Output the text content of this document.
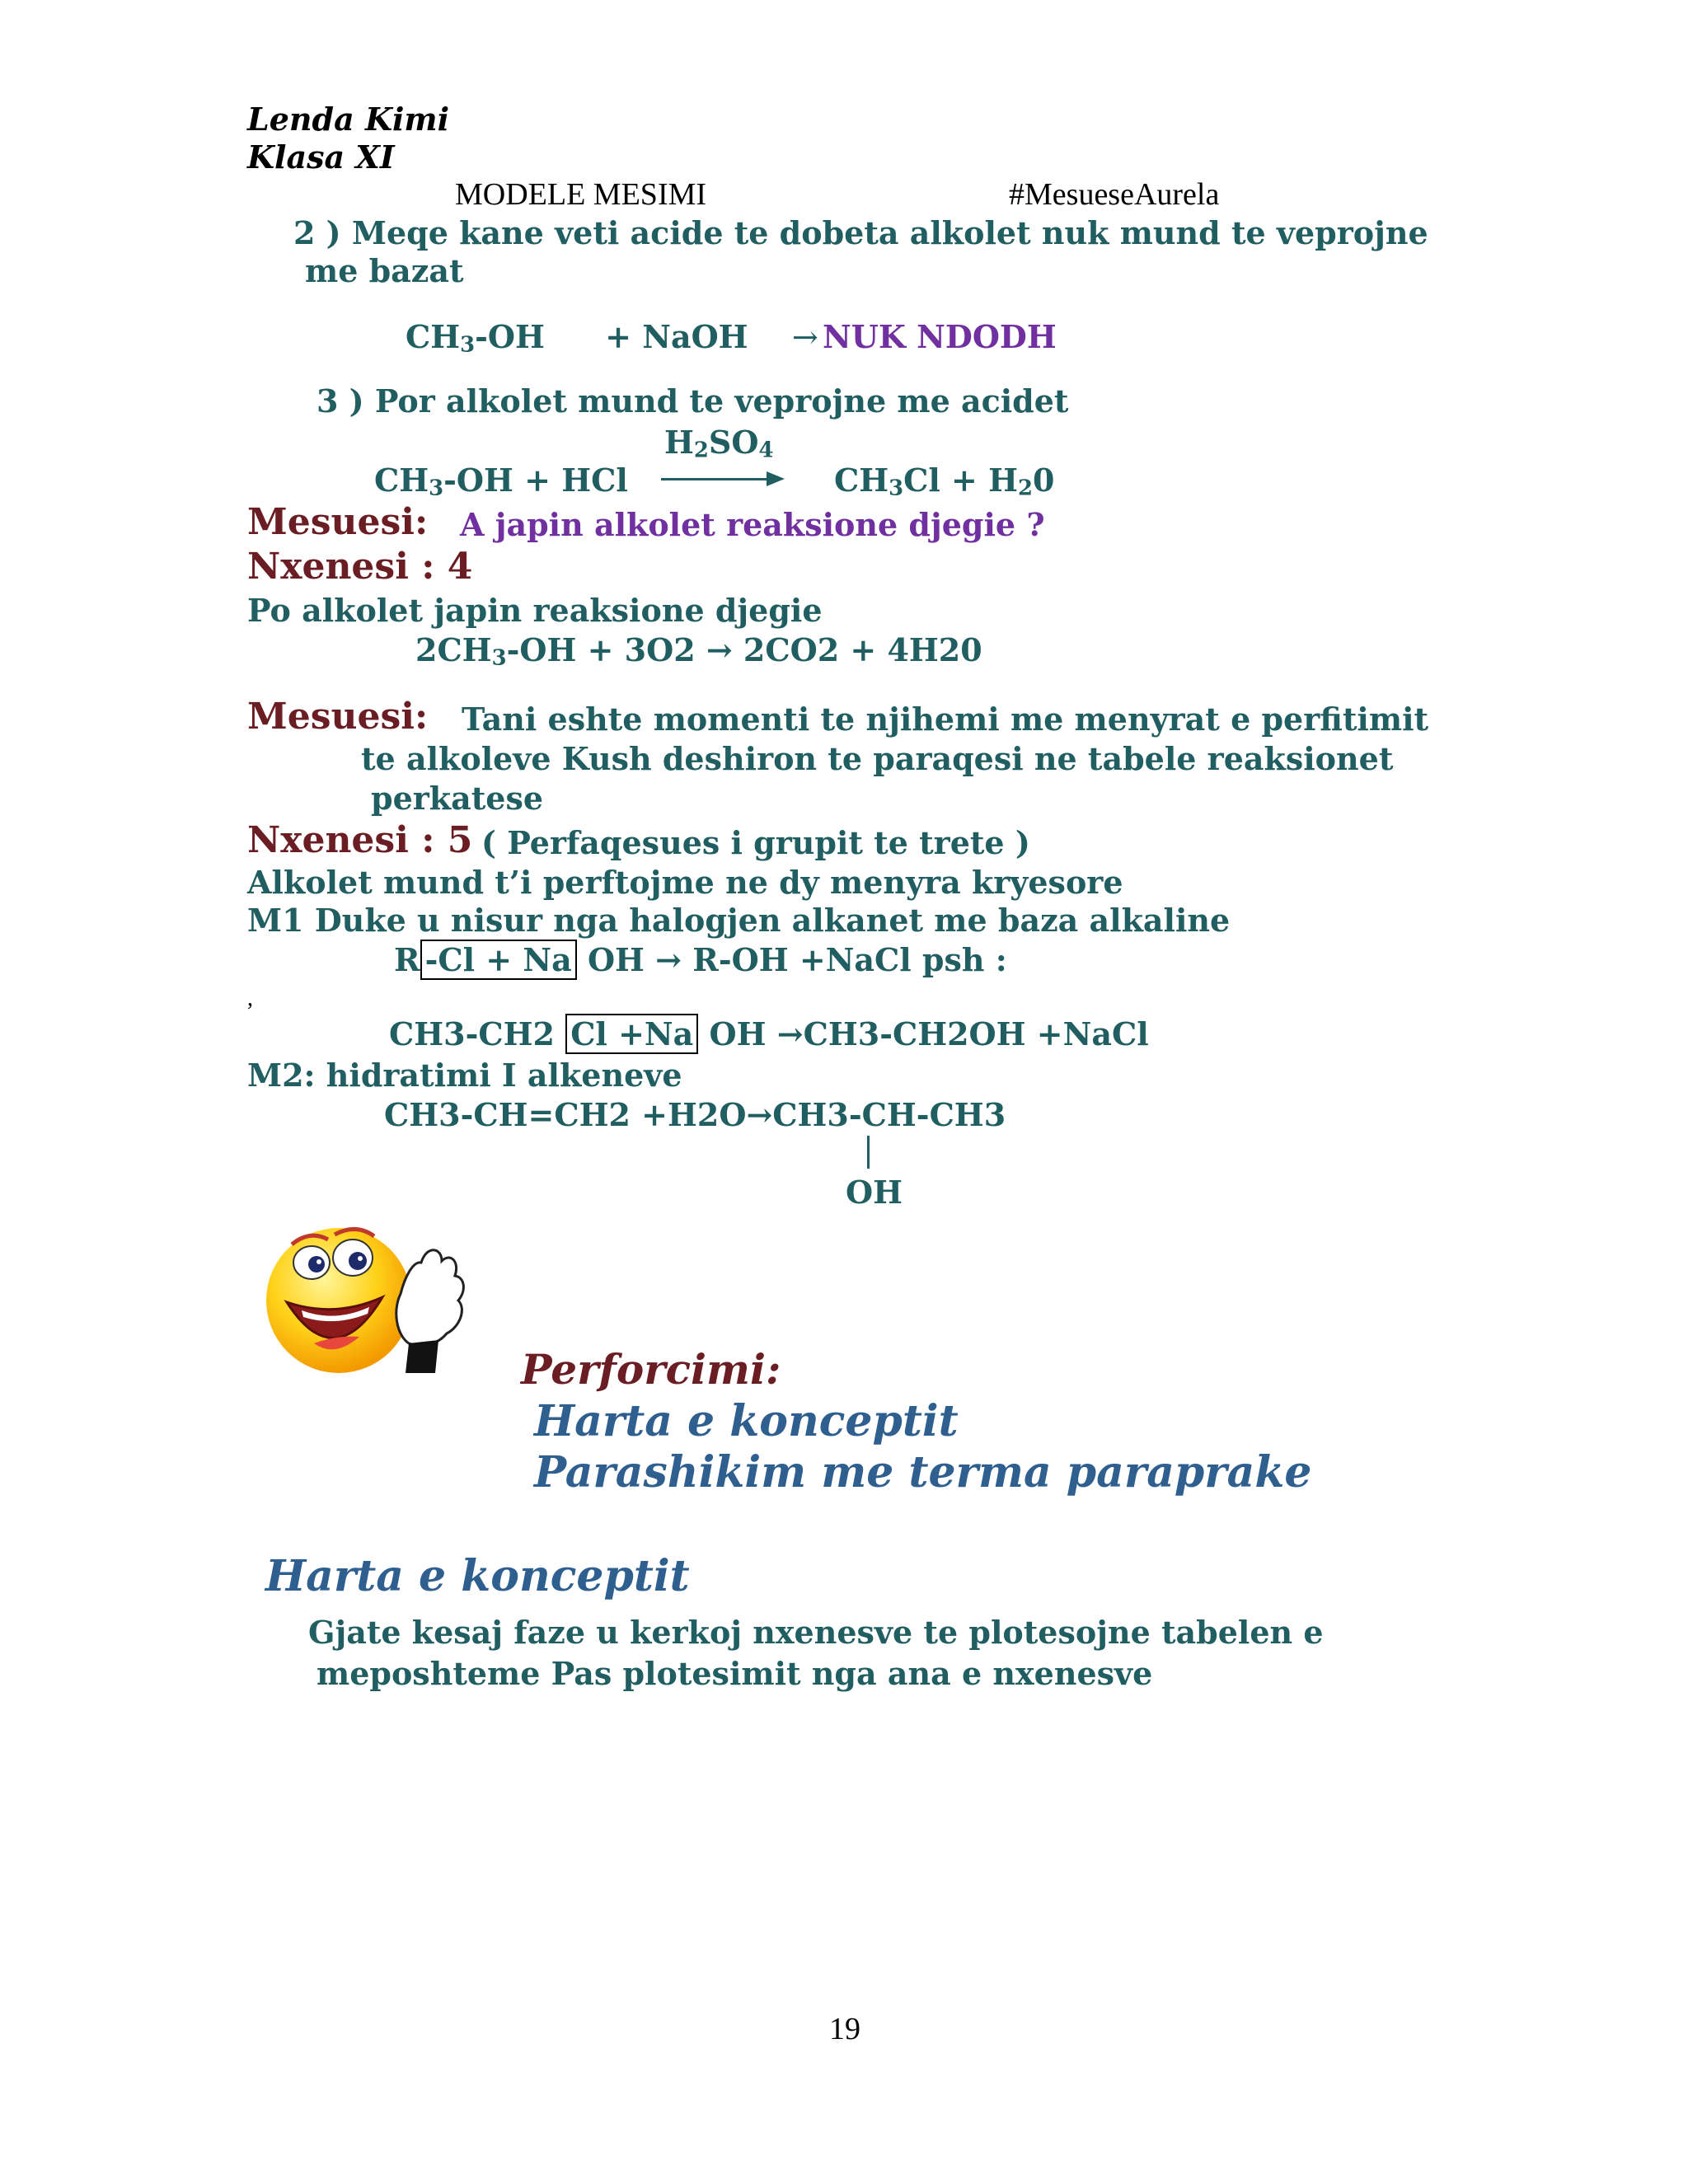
Lenda Kimi
Klasa XI
MODELE MESIMI	#MesueseAurela
2 ) Meqe kane veti acide te dobeta alkolet nuk mund te veprojne
me bazat
$CH_3-OH$ + NaOH → NUK NDODH
3 ) Por alkolet mund te veprojne me acidet
$H_2SO_4$
$CH_3-OH$ + HCl	$CH_3Cl + H_20$
Mesuesi: A japin alkolet reaksione djegie ?
Nxenesi : 4
Po alkolet japin reaksione djegie
$2CH_3-OH + 3O2 \to 2CO2 + 4H20$
Mesuesi: Tani eshte momenti te njihemi me menyrat e perfitimit
te alkoleve Kush deshiron te paraqesi ne tabele reaksionet
perkatese
Nxenesi : 5 ( Perfaqesues i grupit te trete )
Alkolet mund t’i perftojme ne dy menyra kryesore
M1 Duke u nisur nga halogjen alkanet me baza alkaline
R -Cl + Na OH → R-OH +NaCl psh :
,
CH3-CH2 Cl +Na OH →CH3-CH2OH +NaCl
M2: hidratimi I alkeneve
CH3-CH=CH2 +H2O→CH3-CH-CH3
OH
Perforcimi:
Harta e konceptit
Parashikim me terma paraprake
Harta e konceptit
Gjate kesaj faze u kerkoj nxenesve te plotesojne tabelen e
meposhteme Pas plotesimit nga ana e nxenesve
19
